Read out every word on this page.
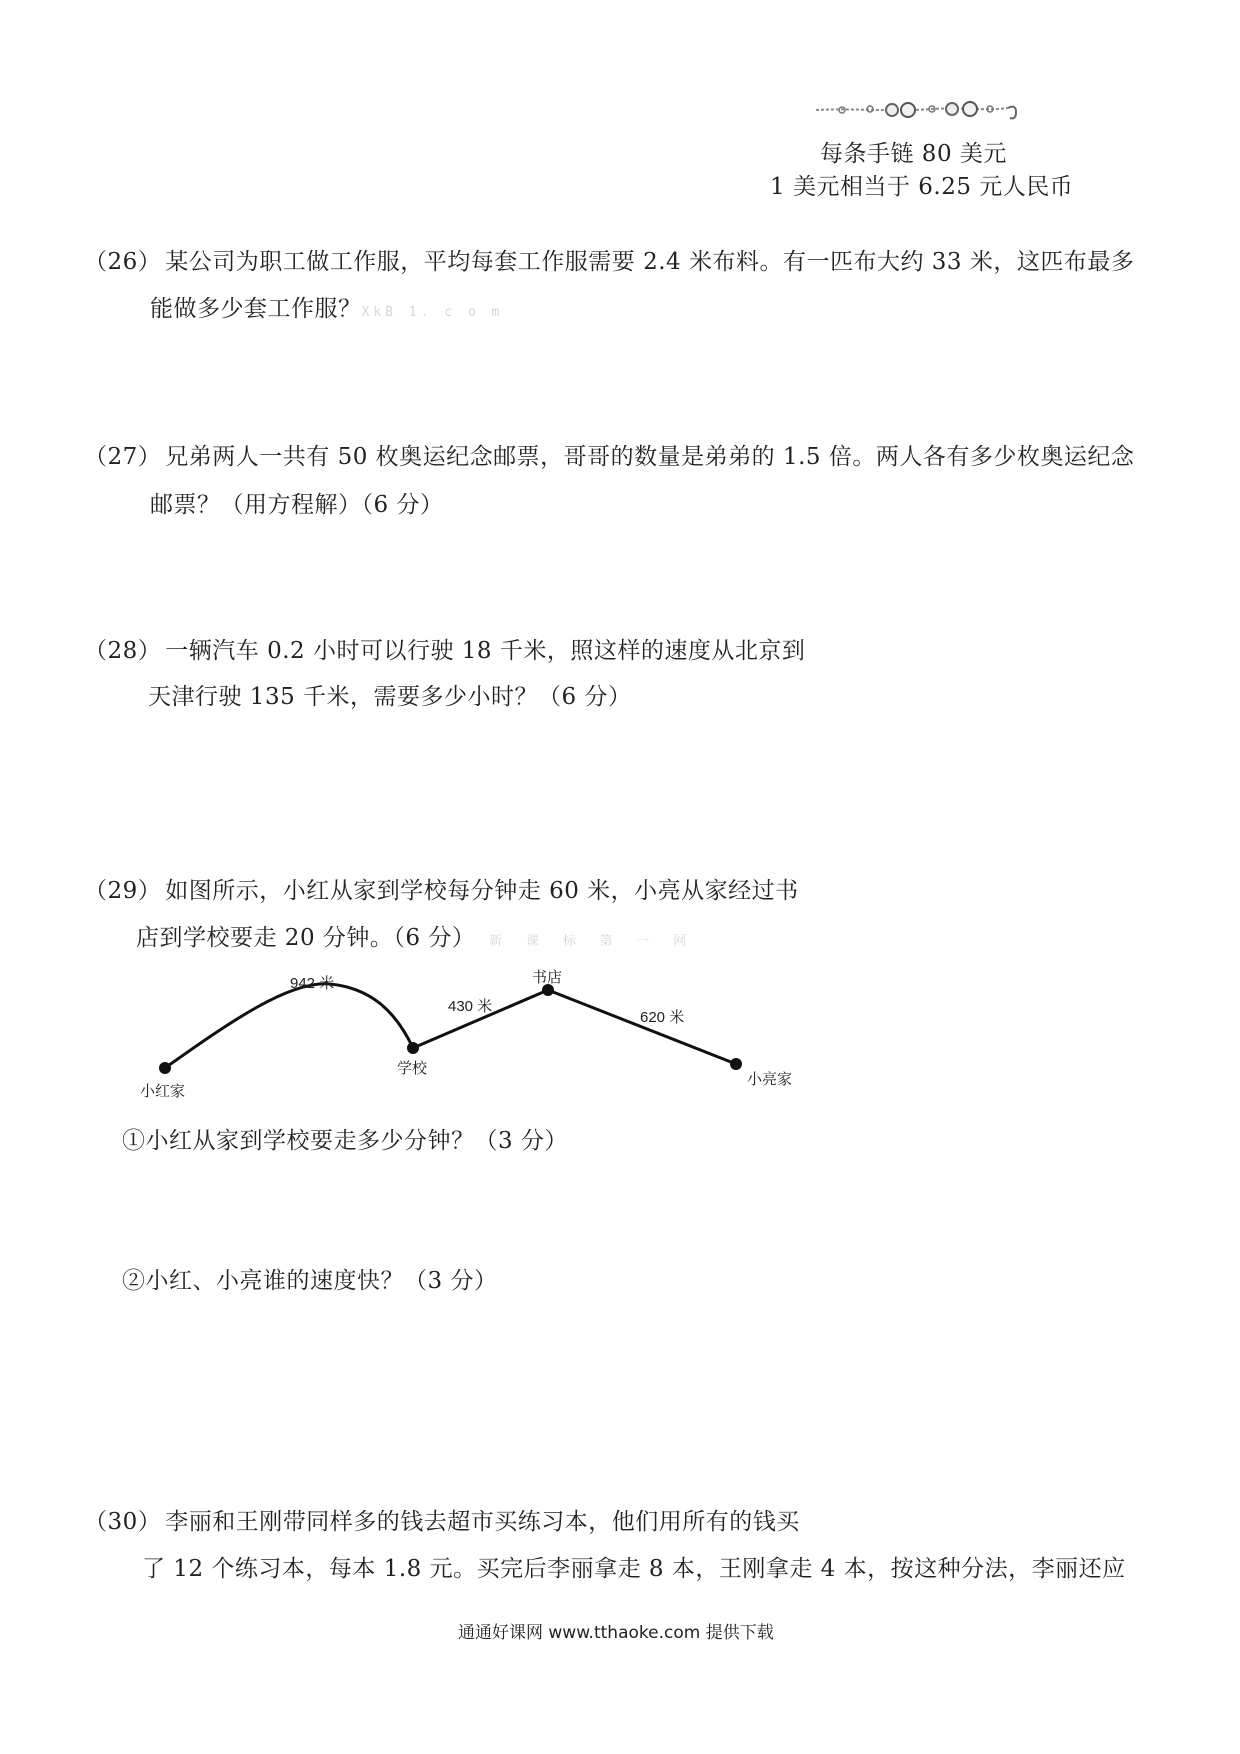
每条手链 80 美元
1 美元相当于 6.25 元人民币
（26） 某公司为职工做工作服，平均每套工作服需要 2.4 米布料。有一匹布大约 33 米，这匹布最多
能做多少套工作服？XkB 1. c o m
（27） 兄弟两人一共有 50 枚奥运纪念邮票，哥哥的数量是弟弟的 1.5 倍。两人各有多少枚奥运纪念
邮票？（用方程解）（6 分）
（28） 一辆汽车 0.2 小时可以行驶 18 千米，照这样的速度从北京到
天津行驶 135 千米，需要多少小时？（6 分）
（29） 如图所示，小红从家到学校每分钟走 60 米，小亮从家经过书
店到学校要走 20 分钟。（6 分） 新 课 标 第 一 网
小红家
学校
书店
小亮家
942 米
430 米
620 米
①小红从家到学校要走多少分钟？（3 分）
②小红、小亮谁的速度快？（3 分）
（30） 李丽和王刚带同样多的钱去超市买练习本，他们用所有的钱买
了 12 个练习本，每本 1.8 元。买完后李丽拿走 8 本，王刚拿走 4 本，按这种分法，李丽还应
通通好课网 www.tthaoke.com 提供下载
